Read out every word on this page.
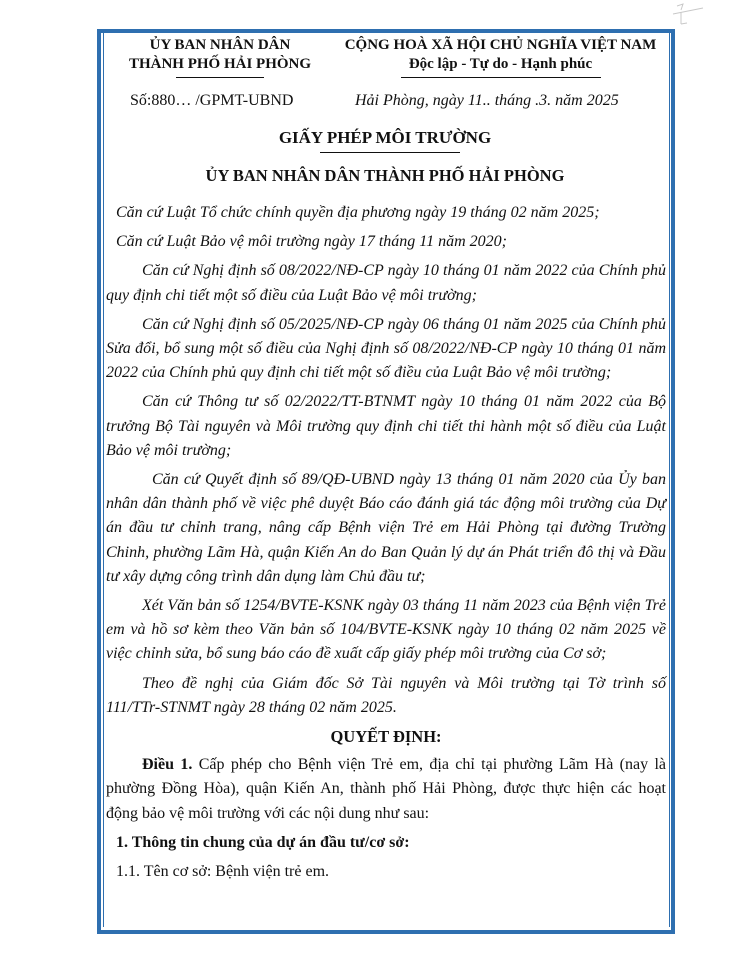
ỦY BAN NHÂN DÂN
THÀNH PHỐ HẢI PHÒNG
CỘNG HOÀ XÃ HỘI CHỦ NGHĨA VIỆT NAM
Độc lập - Tự do - Hạnh phúc
Số:880… /GPMT-UBND	Hải Phòng, ngày 11.. tháng .3. năm 2025
GIẤY PHÉP MÔI TRƯỜNG
ỦY BAN NHÂN DÂN THÀNH PHỐ HẢI PHÒNG

Căn cứ Luật Tổ chức chính quyền địa phương ngày 19 tháng 02 năm 2025;

Căn cứ Luật Bảo vệ môi trường ngày 17 tháng 11 năm 2020;

Căn cứ Nghị định số 08/2022/NĐ-CP ngày 10 tháng 01 năm 2022 của Chính phủ quy định chi tiết một số điều của Luật Bảo vệ môi trường;

Căn cứ Nghị định số 05/2025/NĐ-CP ngày 06 tháng 01 năm 2025 của Chính phủ Sửa đổi, bổ sung một số điều của Nghị định số 08/2022/NĐ-CP ngày 10 tháng 01 năm 2022 của Chính phủ quy định chi tiết một số điều của Luật Bảo vệ môi trường;

Căn cứ Thông tư số 02/2022/TT-BTNMT ngày 10 tháng 01 năm 2022 của Bộ trưởng Bộ Tài nguyên và Môi trường quy định chi tiết thi hành một số điều của Luật Bảo vệ môi trường;

Căn cứ Quyết định số 89/QĐ-UBND ngày 13 tháng 01 năm 2020 của Ủy ban nhân dân thành phố về việc phê duyệt Báo cáo đánh giá tác động môi trường của Dự án đầu tư chỉnh trang, nâng cấp Bệnh viện Trẻ em Hải Phòng tại đường Trường Chinh, phường Lãm Hà, quận Kiến An do Ban Quản lý dự án Phát triển đô thị và Đầu tư xây dựng công trình dân dụng làm Chủ đầu tư;

Xét Văn bản số 1254/BVTE-KSNK ngày 03 tháng 11 năm 2023 của Bệnh viện Trẻ em và hồ sơ kèm theo Văn bản số 104/BVTE-KSNK ngày 10 tháng 02 năm 2025 về việc chỉnh sửa, bổ sung báo cáo đề xuất cấp giấy phép môi trường của Cơ sở;

Theo đề nghị của Giám đốc Sở Tài nguyên và Môi trường tại Tờ trình số 111/TTr-STNMT ngày 28 tháng 02 năm 2025.

QUYẾT ĐỊNH:

Điều 1. Cấp phép cho Bệnh viện Trẻ em, địa chỉ tại phường Lãm Hà (nay là phường Đồng Hòa), quận Kiến An, thành phố Hải Phòng, được thực hiện các hoạt động bảo vệ môi trường với các nội dung như sau:

1. Thông tin chung của dự án đầu tư/cơ sở:

1.1. Tên cơ sở: Bệnh viện trẻ em.
